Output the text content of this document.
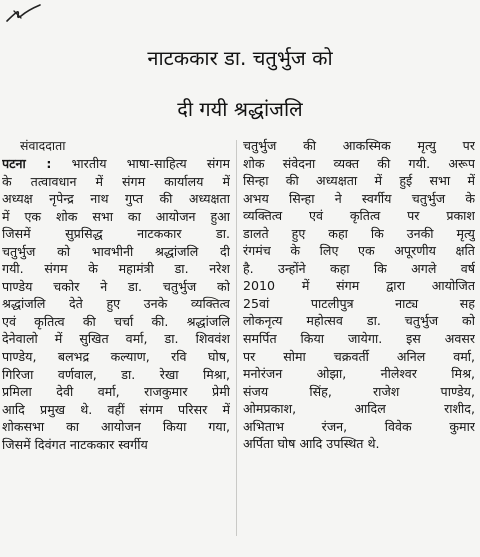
नाटककार डा. चतुर्भुज को
दी गयी श्रद्धांजलि
संवाददाता
पटना : भारतीय भाषा-साहित्य संगम
के तत्वावधान में संगम कार्यालय में
अध्यक्ष नृपेन्द्र नाथ गुप्त की अध्यक्षता
में एक शोक सभा का आयोजन हुआ
जिसमें सुप्रसिद्ध नाटककार डा.
चतुर्भुज को भावभीनी श्रद्धांजलि दी
गयी. संगम के महामंत्री डा. नरेश
पाण्डेय चकोर ने डा. चतुर्भुज को
श्रद्धांजलि देते हुए उनके व्यक्तित्व
एवं कृतित्व की चर्चा की. श्रद्धांजलि
देनेवालो में सुखित वर्मा, डा. शिववंश
पाण्डेय, बलभद्र कल्याण, रवि घोष,
गिरिजा वर्णवाल, डा. रेखा मिश्रा,
प्रमिला देवी वर्मा, राजकुमार प्रेमी
आदि प्रमुख थे. वहीं संगम परिसर में
शोकसभा का आयोजन किया गया,
जिसमें दिवंगत नाटककार स्वर्गीय
चतुर्भुज की आकस्मिक मृत्यु पर
शोक संवेदना व्यक्त की गयी. अरूप
सिन्हा की अध्यक्षता में हुई सभा में
अभय सिन्हा ने स्वर्गीय चतुर्भुज के
व्यक्तित्व एवं कृतित्व पर प्रकाश
डालते हुए कहा कि उनकी मृत्यु
रंगमंच के लिए एक अपूरणीय क्षति
है. उन्होंने कहा कि अगले वर्ष
2010 में संगम द्वारा आयोजित
25वां पाटलीपुत्र नाट्य सह
लोकनृत्य महोत्सव डा. चतुर्भुज को
समर्पित किया जायेगा. इस अवसर
पर सोमा चक्रवर्ती अनिल वर्मा,
मनोरंजन ओझा, नीलेश्वर मिश्र,
संजय सिंह, राजेश पाण्डेय,
ओमप्रकाश, आदिल राशीद,
अभिताभ रंजन, विवेक कुमार
अर्पिता घोष आदि उपस्थित थे.
